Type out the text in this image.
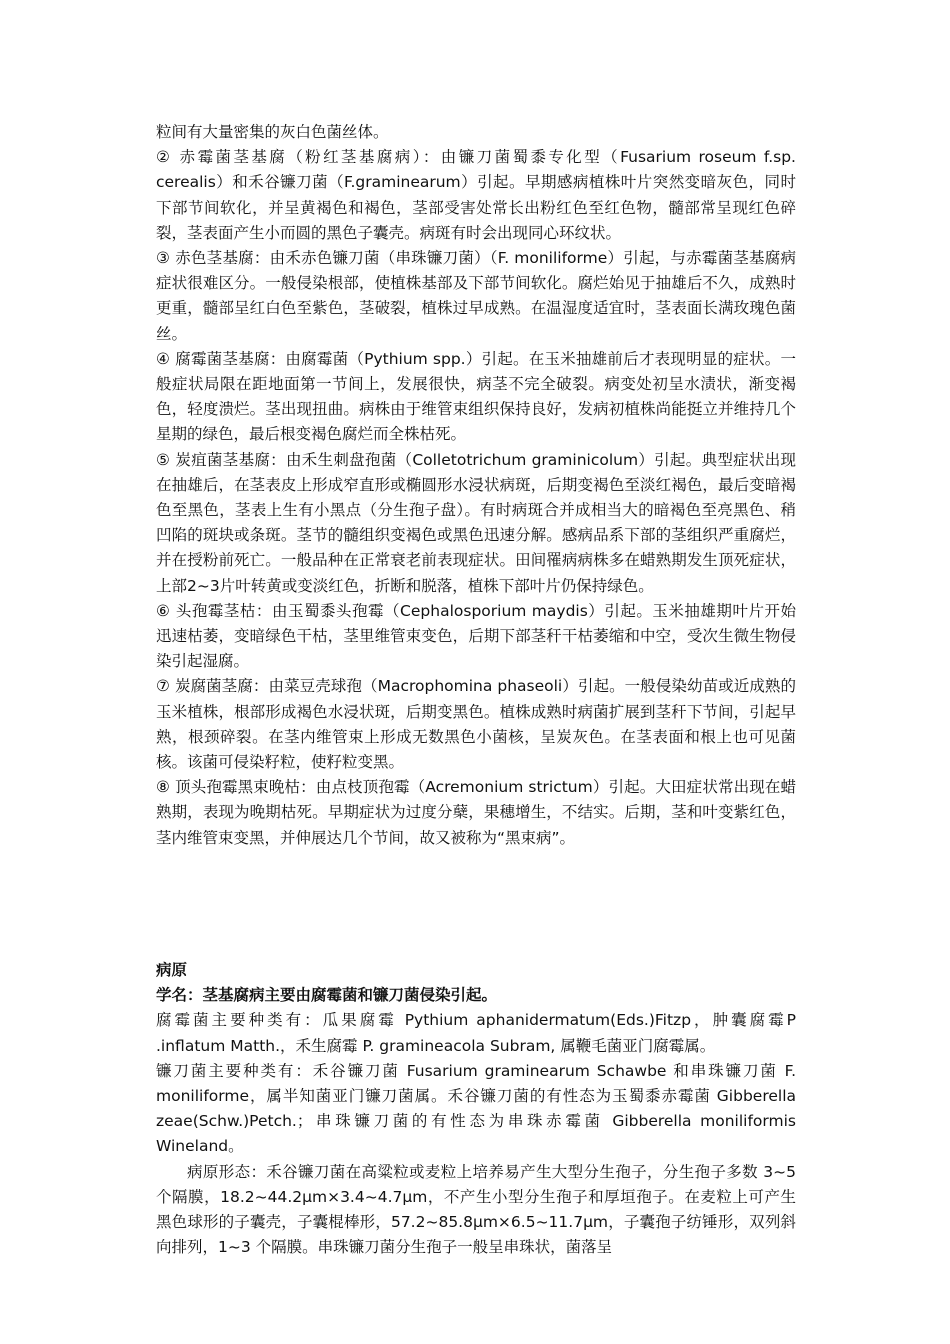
粒间有大量密集的灰白色菌丝体。

② 赤霉菌茎基腐（粉红茎基腐病）：由镰刀菌蜀黍专化型（Fusarium roseum f.sp. cerealis）和禾谷镰刀菌（F.graminearum）引起。早期感病植株叶片突然变暗灰色，同时下部节间软化，并呈黄褐色和褐色，茎部受害处常长出粉红色至红色物，髓部常呈现红色碎裂，茎表面产生小而圆的黑色子囊壳。病斑有时会出现同心环纹状。

③ 赤色茎基腐：由禾赤色镰刀菌（串珠镰刀菌）（F. moniliforme）引起，与赤霉菌茎基腐病症状很难区分。一般侵染根部，使植株基部及下部节间软化。腐烂始见于抽雄后不久，成熟时更重，髓部呈红白色至紫色，茎破裂，植株过早成熟。在温湿度适宜时，茎表面长满玫瑰色菌丝。

④ 腐霉菌茎基腐：由腐霉菌（Pythium spp.）引起。在玉米抽雄前后才表现明显的症状。一般症状局限在距地面第一节间上，发展很快，病茎不完全破裂。病变处初呈水渍状，渐变褐色，轻度溃烂。茎出现扭曲。病株由于维管束组织保持良好，发病初植株尚能挺立并维持几个星期的绿色，最后根变褐色腐烂而全株枯死。

⑤ 炭疽菌茎基腐：由禾生刺盘孢菌（Colletotrichum graminicolum）引起。典型症状出现在抽雄后，在茎表皮上形成窄直形或椭圆形水浸状病斑，后期变褐色至淡红褐色，最后变暗褐色至黑色，茎表上生有小黑点（分生孢子盘）。有时病斑合并成相当大的暗褐色至亮黑色、稍凹陷的斑块或条斑。茎节的髓组织变褐色或黑色迅速分解。感病品系下部的茎组织严重腐烂，并在授粉前死亡。一般品种在正常衰老前表现症状。田间罹病病株多在蜡熟期发生顶死症状，上部2~3片叶转黄或变淡红色，折断和脱落，植株下部叶片仍保持绿色。

⑥ 头孢霉茎枯：由玉蜀黍头孢霉（Cephalosporium maydis）引起。玉米抽雄期叶片开始迅速枯萎，变暗绿色干枯，茎里维管束变色，后期下部茎秆干枯萎缩和中空，受次生微生物侵染引起湿腐。

⑦ 炭腐菌茎腐：由菜豆壳球孢（Macrophomina phaseoli）引起。一般侵染幼苗或近成熟的玉米植株，根部形成褐色水浸状斑，后期变黑色。植株成熟时病菌扩展到茎秆下节间，引起早熟，根颈碎裂。在茎内维管束上形成无数黑色小菌核，呈炭灰色。在茎表面和根上也可见菌核。该菌可侵染籽粒，使籽粒变黑。

⑧ 顶头孢霉黑束晚枯：由点枝顶孢霉（Acremonium strictum）引起。大田症状常出现在蜡熟期，表现为晚期枯死。早期症状为过度分蘖，果穗增生，不结实。后期，茎和叶变紫红色，茎内维管束变黑，并伸展达几个节间，故又被称为“黑束病”。

病原

学名：茎基腐病主要由腐霉菌和镰刀菌侵染引起。

腐霉菌主要种类有：瓜果腐霉 Pythium aphanidermatum(Eds.)Fitzp，肿囊腐霉P .inflatum Matth.，禾生腐霉 P. gramineacola Subram, 属鞭毛菌亚门腐霉属。

镰刀菌主要种类有：禾谷镰刀菌 Fusarium graminearum Schawbe 和串珠镰刀菌 F. moniliforme，属半知菌亚门镰刀菌属。禾谷镰刀菌的有性态为玉蜀黍赤霉菌 Gibberella zeae(Schw.)Petch.；串珠镰刀菌的有性态为串珠赤霉菌 Gibberella moniliformis Wineland。

病原形态：禾谷镰刀菌在高粱粒或麦粒上培养易产生大型分生孢子，分生孢子多数 3~5 个隔膜，18.2~44.2μm×3.4~4.7μm，不产生小型分生孢子和厚垣孢子。在麦粒上可产生黑色球形的子囊壳，子囊棍棒形，57.2~85.8μm×6.5~11.7μm，子囊孢子纺锤形，双列斜向排列，1~3 个隔膜。串珠镰刀菌分生孢子一般呈串珠状，菌落呈
